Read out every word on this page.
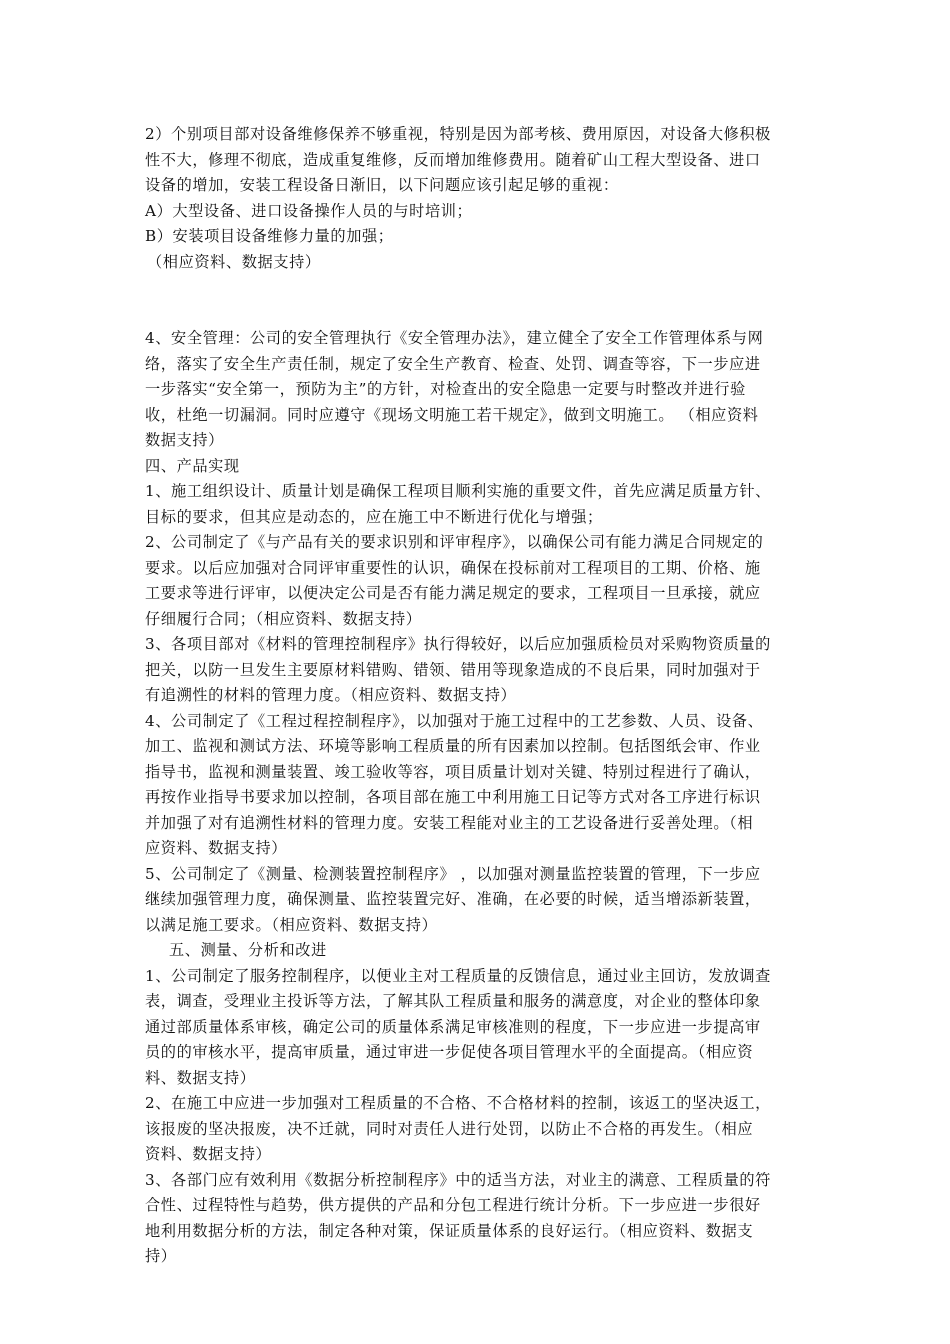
2）个别项目部对设备维修保养不够重视，特别是因为部考核、费用原因，对设备大修积极
性不大，修理不彻底，造成重复维修，反而增加维修费用。随着矿山工程大型设备、进口
设备的增加，安装工程设备日渐旧，以下问题应该引起足够的重视：
A）大型设备、进口设备操作人员的与时培训；
B）安装项目设备维修力量的加强；
（相应资料、数据支持）
4、安全管理：公司的安全管理执行《安全管理办法》，建立健全了安全工作管理体系与网
络，落实了安全生产责任制，规定了安全生产教育、检查、处罚、调查等容，下一步应进
一步落实“安全第一，预防为主”的方针，对检查出的安全隐患一定要与时整改并进行验
收，杜绝一切漏洞。同时应遵守《现场文明施工若干规定》，做到文明施工。 （相应资料
数据支持）
四、产品实现
1、施工组织设计、质量计划是确保工程项目顺利实施的重要文件，首先应满足质量方针、
目标的要求，但其应是动态的，应在施工中不断进行优化与增强；
2、公司制定了《与产品有关的要求识别和评审程序》，以确保公司有能力满足合同规定的
要求。以后应加强对合同评审重要性的认识，确保在投标前对工程项目的工期、价格、施
工要求等进行评审，以便决定公司是否有能力满足规定的要求，工程项目一旦承接，就应
仔细履行合同；（相应资料、数据支持）
3、各项目部对《材料的管理控制程序》执行得较好，以后应加强质检员对采购物资质量的
把关，以防一旦发生主要原材料错购、错领、错用等现象造成的不良后果，同时加强对于
有追溯性的材料的管理力度。（相应资料、数据支持）
4、公司制定了《工程过程控制程序》，以加强对于施工过程中的工艺参数、人员、设备、
加工、监视和测试方法、环境等影响工程质量的所有因素加以控制。包括图纸会审、作业
指导书，监视和测量装置、竣工验收等容，项目质量计划对关键、特别过程进行了确认，
再按作业指导书要求加以控制，各项目部在施工中利用施工日记等方式对各工序进行标识
并加强了对有追溯性材料的管理力度。安装工程能对业主的工艺设备进行妥善处理。（相
应资料、数据支持）
5、公司制定了《测量、检测装置控制程序》 ，以加强对测量监控装置的管理，下一步应
继续加强管理力度，确保测量、监控装置完好、准确，在必要的时候，适当增添新装置，
以满足施工要求。（相应资料、数据支持）
五、测量、分析和改进
1、公司制定了服务控制程序，以便业主对工程质量的反馈信息，通过业主回访，发放调查
表，调查，受理业主投诉等方法，了解其队工程质量和服务的满意度，对企业的整体印象
通过部质量体系审核，确定公司的质量体系满足审核准则的程度，下一步应进一步提高审
员的的审核水平，提高审质量，通过审进一步促使各项目管理水平的全面提高。（相应资
料、数据支持）
2、在施工中应进一步加强对工程质量的不合格、不合格材料的控制，该返工的坚决返工，
该报废的坚决报废，决不迁就，同时对责任人进行处罚，以防止不合格的再发生。（相应
资料、数据支持）
3、各部门应有效利用《数据分析控制程序》中的适当方法，对业主的满意、工程质量的符
合性、过程特性与趋势，供方提供的产品和分包工程进行统计分析。下一步应进一步很好
地利用数据分析的方法，制定各种对策，保证质量体系的良好运行。（相应资料、数据支
持）
